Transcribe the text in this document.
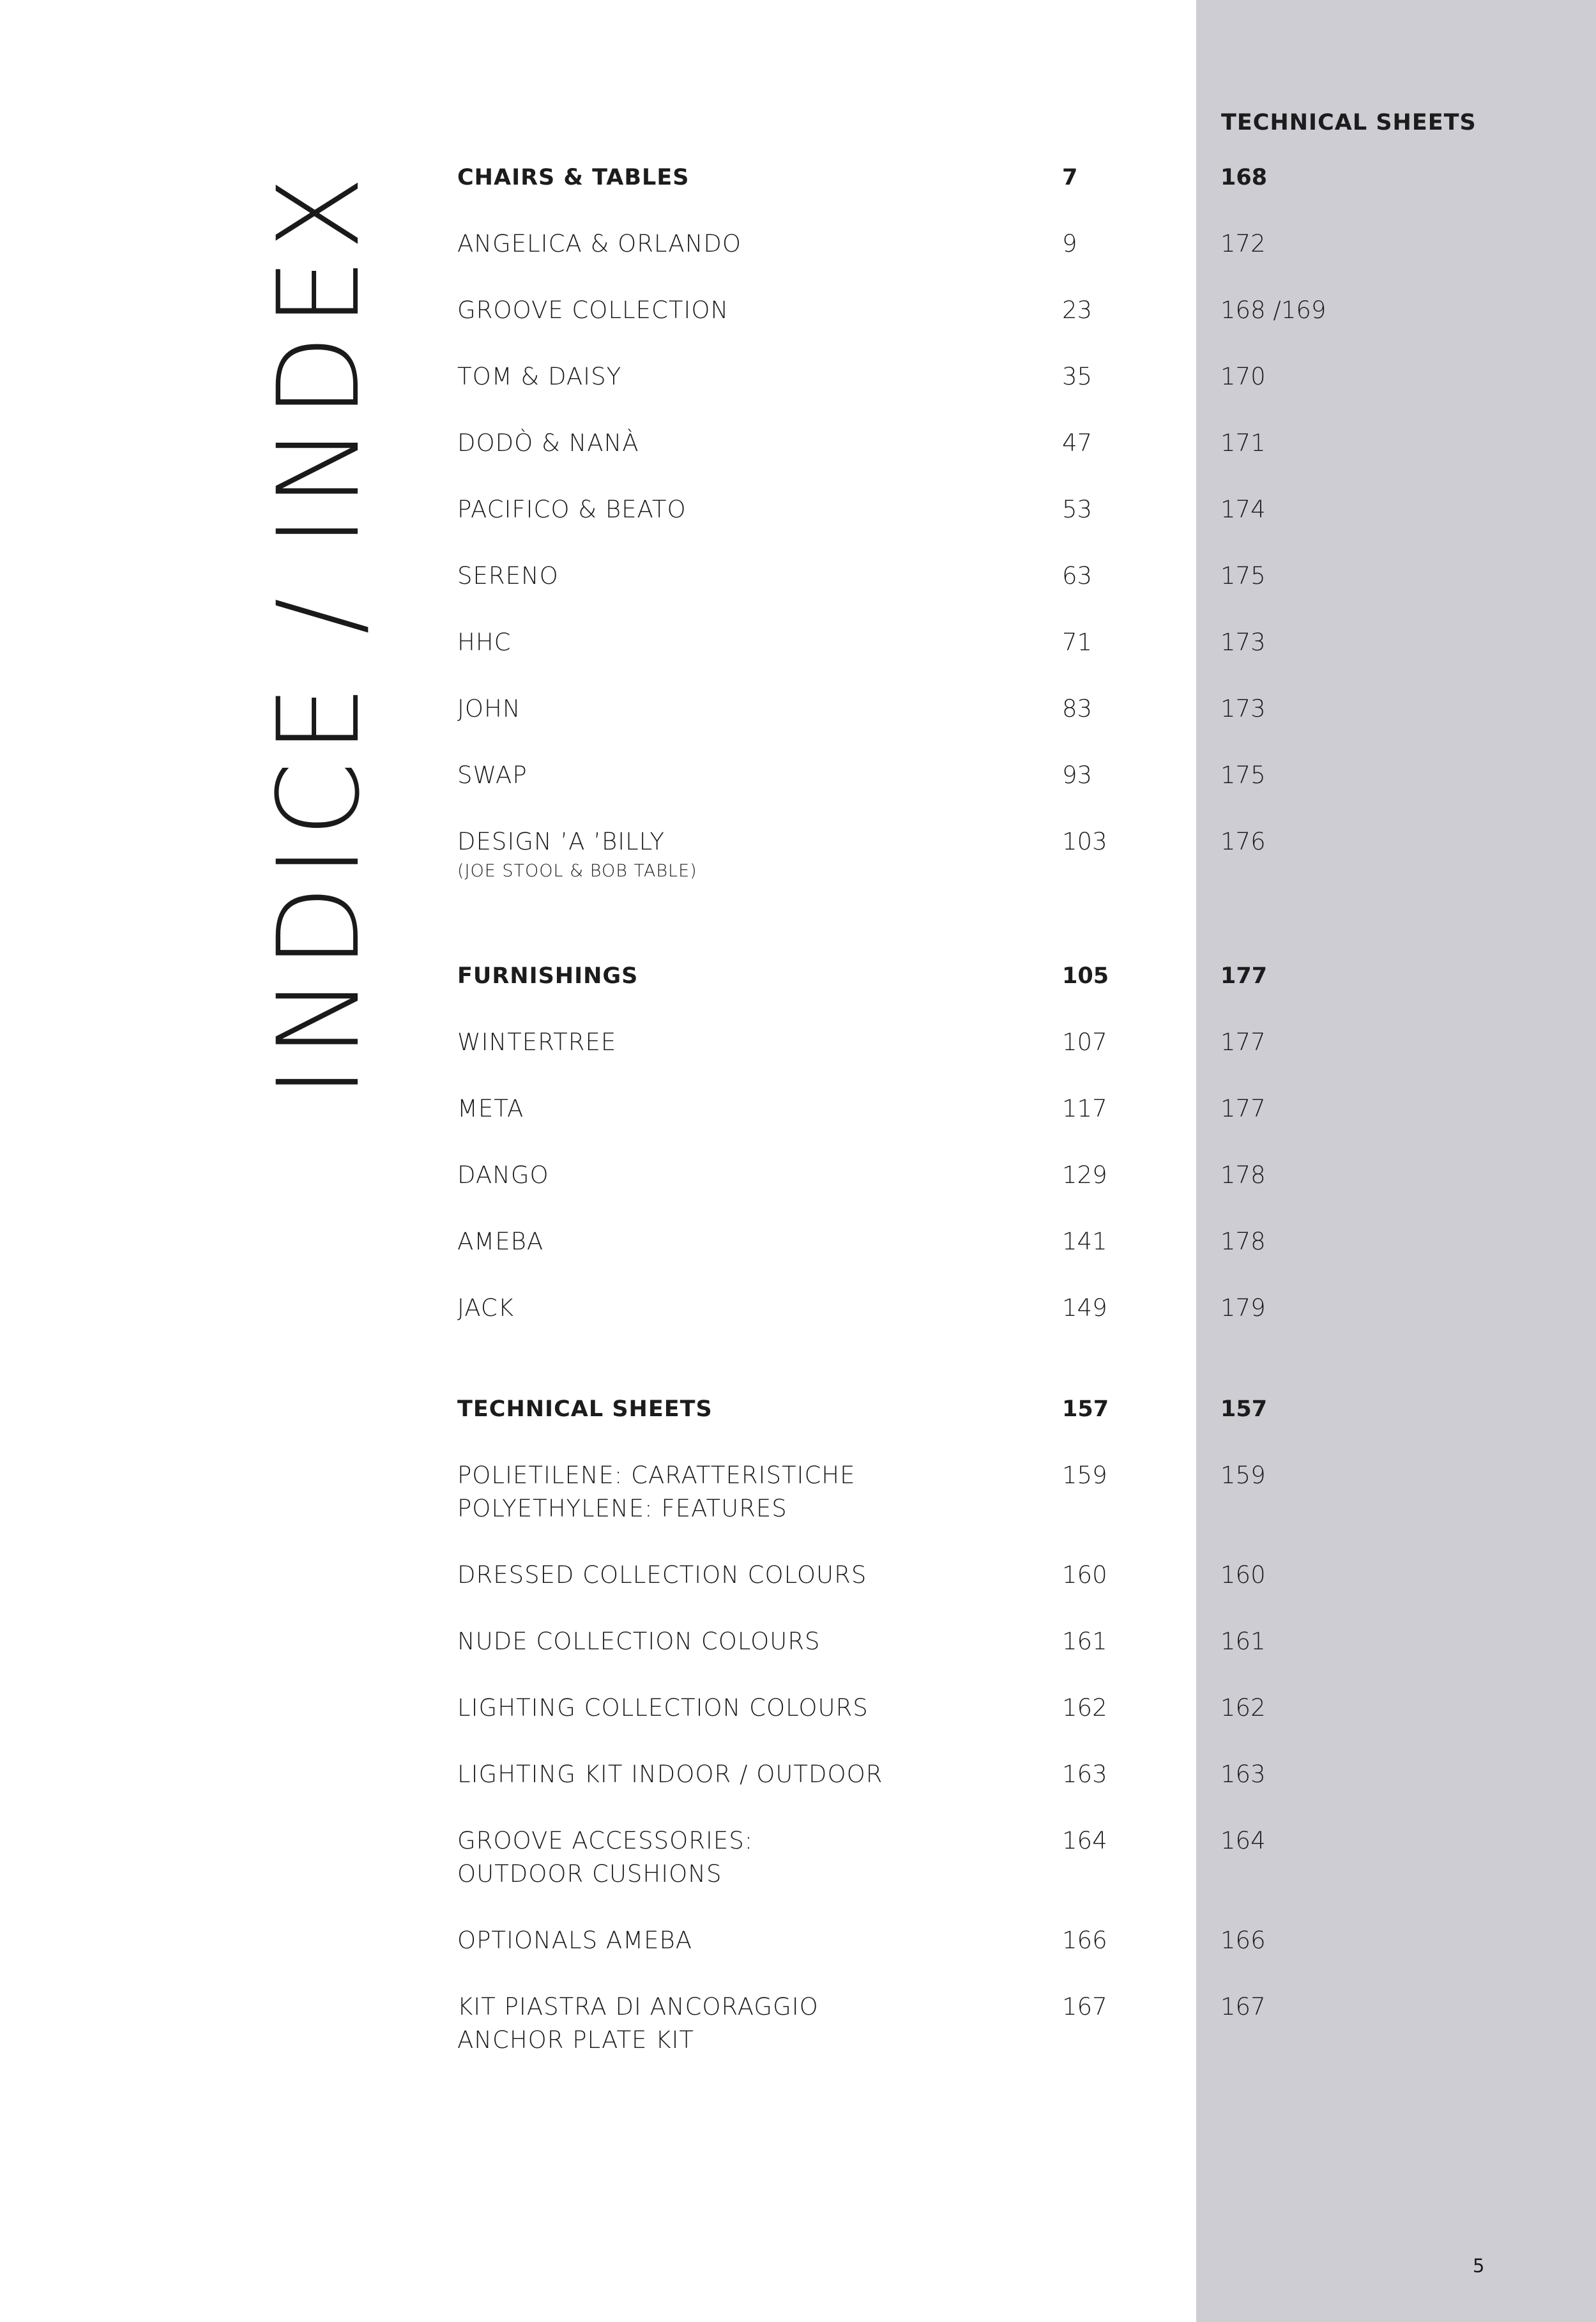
INDICE / INDEX
TECHNICAL SHEETS
CHAIRS & TABLES	7	168
ANGELICA & ORLANDO	9	172
GROOVE COLLECTION	23	168 /169
TOM & DAISY	35	170
DODÒ & NANÀ	47	171
PACIFICO & BEATO	53	174
SERENO	63	175
HHC	71	173
JOHN	83	173
SWAP	93	175
DESIGN ’A ’BILLY
(JOE STOOL & BOB TABLE)
103	176
FURNISHINGS	105	177
WINTERTREE	107	177
META	117	177
DANGO	129	178
AMEBA	141	178
JACK	149	179
TECHNICAL SHEETS	157	157
POLIETILENE: CARATTERISTICHE
POLYETHYLENE: FEATURES
159	159
DRESSED COLLECTION COLOURS	160	160
NUDE COLLECTION COLOURS	161	161
LIGHTING COLLECTION COLOURS	162	162
LIGHTING KIT INDOOR / OUTDOOR	163	163
GROOVE ACCESSORIES:
OUTDOOR CUSHIONS
164	164
OPTIONALS AMEBA	166	166
KIT PIASTRA DI ANCORAGGIO
ANCHOR PLATE KIT
167	167
5
